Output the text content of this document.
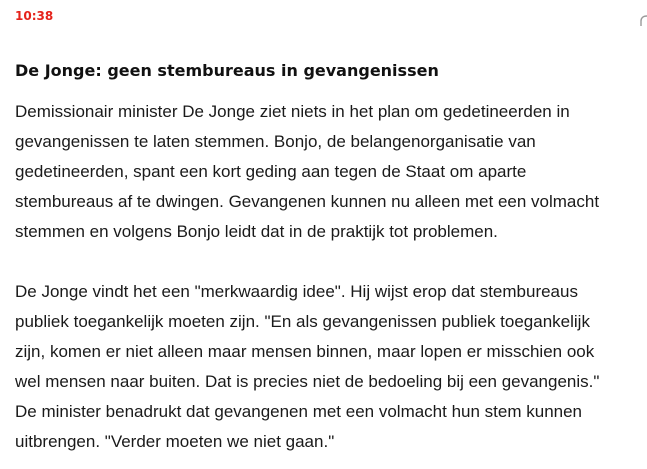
10:38
De Jonge: geen stembureaus in gevangenissen

Demissionair minister De Jonge ziet niets in het plan om gedetineerden in
gevangenissen te laten stemmen. Bonjo, de belangenorganisatie van
gedetineerden, spant een kort geding aan tegen de Staat om aparte
stembureaus af te dwingen. Gevangenen kunnen nu alleen met een volmacht
stemmen en volgens Bonjo leidt dat in de praktijk tot problemen.

De Jonge vindt het een "merkwaardig idee". Hij wijst erop dat stembureaus
publiek toegankelijk moeten zijn. "En als gevangenissen publiek toegankelijk
zijn, komen er niet alleen maar mensen binnen, maar lopen er misschien ook
wel mensen naar buiten. Dat is precies niet de bedoeling bij een gevangenis."
De minister benadrukt dat gevangenen met een volmacht hun stem kunnen
uitbrengen. "Verder moeten we niet gaan."
